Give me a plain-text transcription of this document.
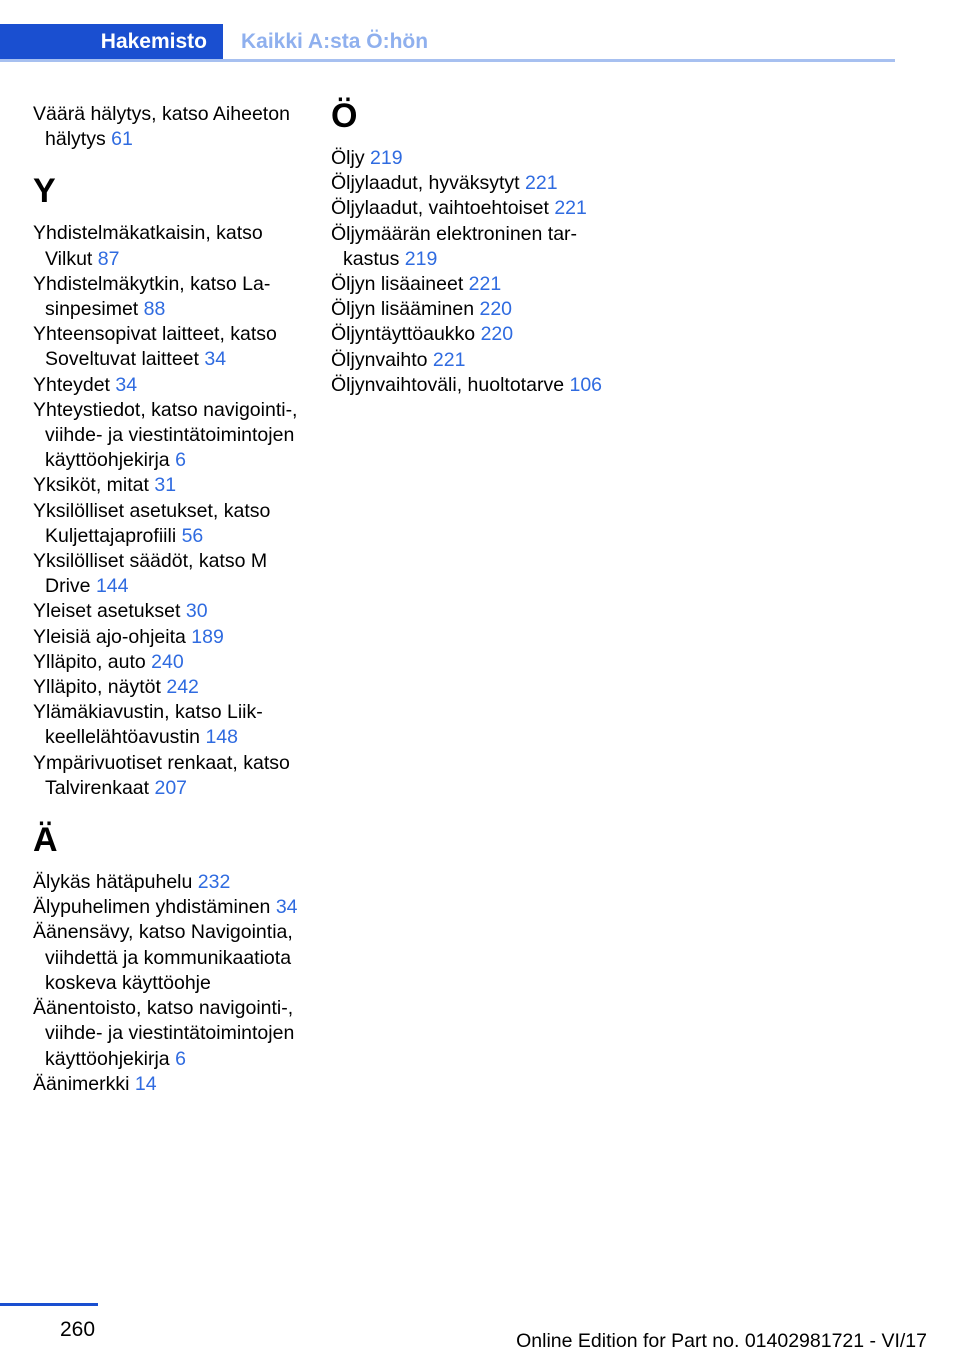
Hakemisto Kaikki A:sta Ö:hön

Väärä hälytys, katso Aiheeton hälytys 61

Y

Yhdistelmäkatkaisin, katso Vilkut 87

Yhdistelmäkytkin, katso Lasinpesimet 88

Yhteensopivat laitteet, katso Soveltuvat laitteet 34

Yhteydet 34

Yhteystiedot, katso navigointi-, viihde- ja viestintätoimintojen käyttöohjekirja 6

Yksiköt, mitat 31

Yksilölliset asetukset, katso Kuljettajaprofiili 56

Yksilölliset säädöt, katso M Drive 144

Yleiset asetukset 30

Yleisiä ajo-ohjeita 189

Ylläpito, auto 240

Ylläpito, näytöt 242

Ylämäkiavustin, katso Liikkeellelähtöavustin 148

Ympärivuotiset renkaat, katso Talvirenkaat 207

Ä

Älykäs hätäpuhelu 232

Älypuhelimen yhdistäminen 34

Äänensävy, katso Navigointia, viihdettä ja kommunikaatiota koskeva käyttöohje

Äänentoisto, katso navigointi-, viihde- ja viestintätoimintojen käyttöohjekirja 6

Äänimerkki 14

Ö

Öljy 219

Öljylaadut, hyväksytyt 221

Öljylaadut, vaihtoehtoiset 221

Öljymäärän elektroninen tarkastus 219

Öljyn lisäaineet 221

Öljyn lisääminen 220

Öljyntäyttöaukko 220

Öljynvaihto 221

Öljynvaihtoväli, huoltotarve 106

260	Online Edition for Part no. 01402981721 - VI/17
